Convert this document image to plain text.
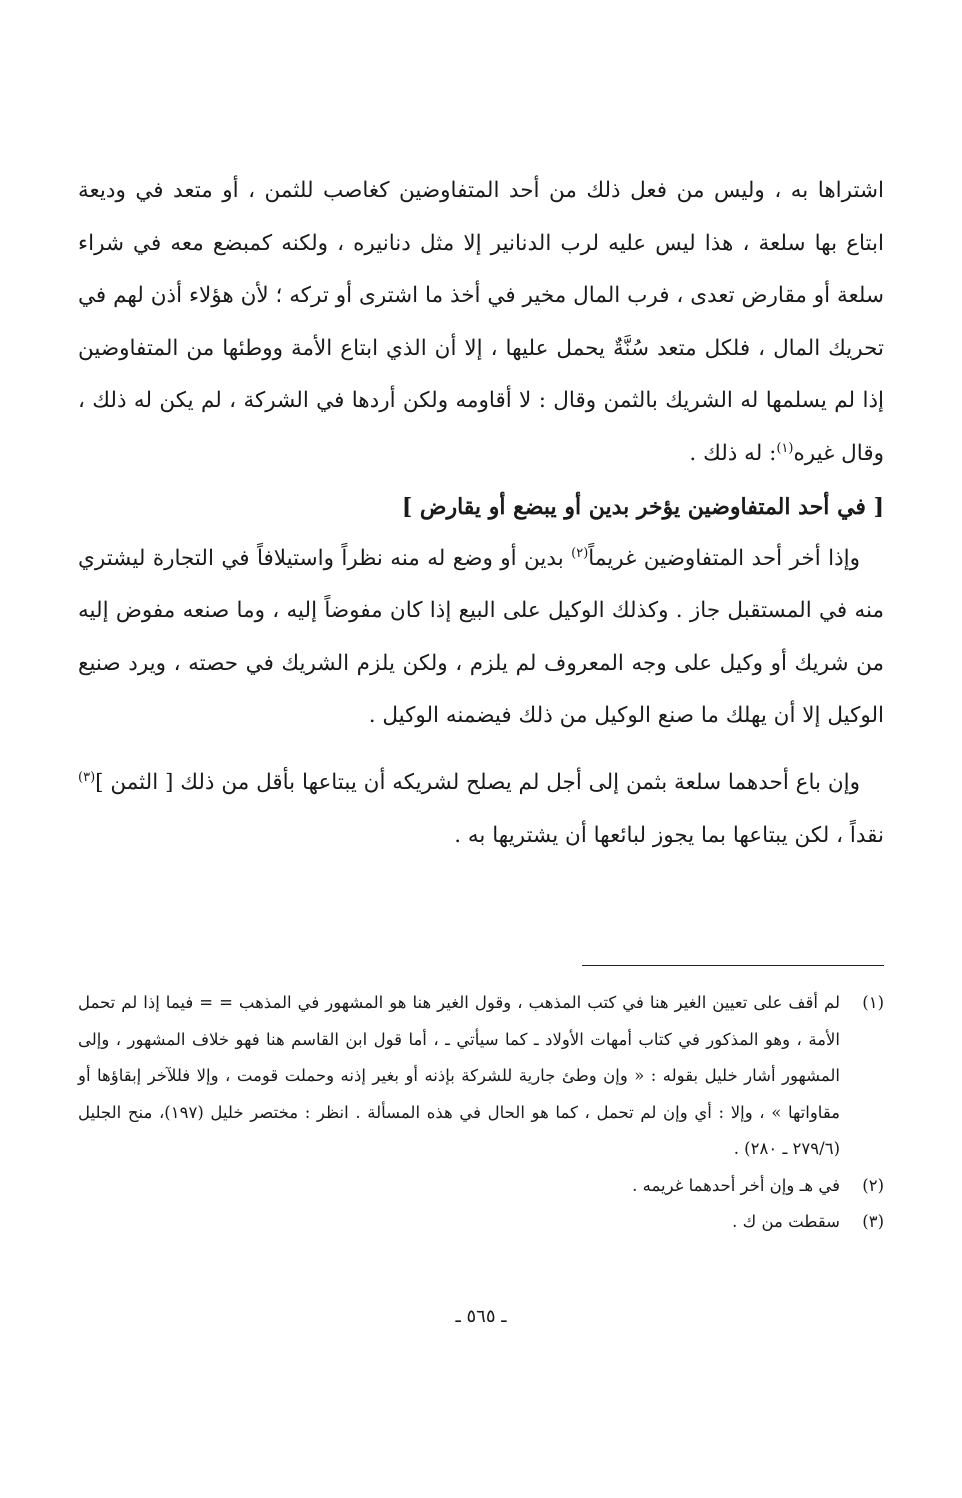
اشتراها به ، وليس من فعل ذلك من أحد المتفاوضين كغاصب للثمن ، أو متعد في وديعة ابتاع بها سلعة ، هذا ليس عليه لرب الدنانير إلا مثل دنانيره ، ولكنه كمبضع معه في شراء سلعة أو مقارض تعدى ، فرب المال مخير في أخذ ما اشترى أو تركه ؛ لأن هؤلاء أذن لهم في تحريك المال ، فلكل متعد سُنَّةٌ يحمل عليها ، إلا أن الذي ابتاع الأمة ووطئها من المتفاوضين إذا لم يسلمها له الشريك بالثمن وقال : لا أقاومه ولكن أردها في الشركة ، لم يكن له ذلك ، وقال غيره$^{(١)}$: له ذلك .

[ في أحد المتفاوضين يؤخر بدين أو يبضع أو يقارض ]

وإذا أخر أحد المتفاوضين غريماً$^{(٢)}$ بدين أو وضع له منه نظراً واستيلافاً في التجارة ليشتري منه في المستقبل جاز . وكذلك الوكيل على البيع إذا كان مفوضاً إليه ، وما صنعه مفوض إليه من شريك أو وكيل على وجه المعروف لم يلزم ، ولكن يلزم الشريك في حصته ، ويرد صنيع الوكيل إلا أن يهلك ما صنع الوكيل من ذلك فيضمنه الوكيل .

وإن باع أحدهما سلعة بثمن إلى أجل لم يصلح لشريكه أن يبتاعها بأقل من ذلك [ الثمن ]$^{(٣)}$ نقداً ، لكن يبتاعها بما يجوز لبائعها أن يشتريها به .

(١)
لم أقف على تعيين الغير هنا في كتب المذهب ، وقول الغير هنا هو المشهور في المذهب = = فيما إذا لم تحمل الأمة ، وهو المذكور في كتاب أمهات الأولاد ـ كما سيأتي ـ ، أما قول ابن القاسم هنا فهو خلاف المشهور ، وإلى المشهور أشار خليل بقوله : « وإن وطئ جارية للشركة بإذنه أو بغير إذنه وحملت قومت ، وإلا فللآخر إبقاؤها أو مقاواتها » ، وإلا : أي وإن لم تحمل ، كما هو الحال في هذه المسألة . انظر : مختصر خليل (١٩٧)، منح الجليل (٢٧٩/٦ ـ ٢٨٠) .
(٢)
في هـ وإن أخر أحدهما غريمه .
(٣)
سقطت من ك .
ـ ٥٦٥ ـ
